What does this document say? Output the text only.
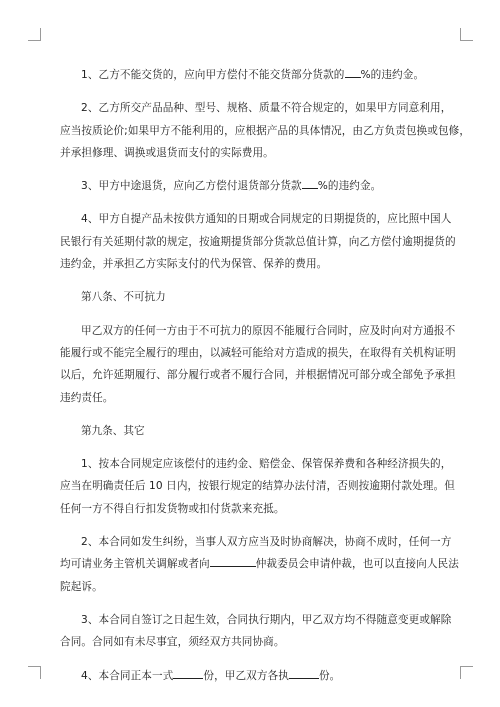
1、乙方不能交货的，应向甲方偿付不能交货部分货款的 %的违约金。

2、乙方所交产品品种、型号、规格、质量不符合规定的，如果甲方同意利用，
应当按质论价;如果甲方不能利用的，应根据产品的具体情况，由乙方负责包换或包修，
并承担修理、调换或退货而支付的实际费用。

3、甲方中途退货，应向乙方偿付退货部分货款 %的违约金。

4、甲方自提产品未按供方通知的日期或合同规定的日期提货的，应比照中国人
民银行有关延期付款的规定，按逾期提货部分货款总值计算，向乙方偿付逾期提货的
违约金，并承担乙方实际支付的代为保管、保养的费用。

第八条、不可抗力

甲乙双方的任何一方由于不可抗力的原因不能履行合同时，应及时向对方通报不
能履行或不能完全履行的理由，以减轻可能给对方造成的损失，在取得有关机构证明
以后，允许延期履行、部分履行或者不履行合同，并根据情况可部分或全部免予承担
违约责任。

第九条、其它

1、按本合同规定应该偿付的违约金、赔偿金、保管保养费和各种经济损失的，
应当在明确责任后 10 日内，按银行规定的结算办法付清，否则按逾期付款处理。但
任何一方不得自行扣发货物或扣付货款来充抵。

2、本合同如发生纠纷，当事人双方应当及时协商解决，协商不成时，任何一方
均可请业务主管机关调解或者向	仲裁委员会申请仲裁，也可以直接向人民法
院起诉。

3、本合同自签订之日起生效，合同执行期内，甲乙双方均不得随意变更或解除
合同。合同如有未尽事宜，须经双方共同协商。

4、本合同正本一式	份，甲乙双方各执	份。
